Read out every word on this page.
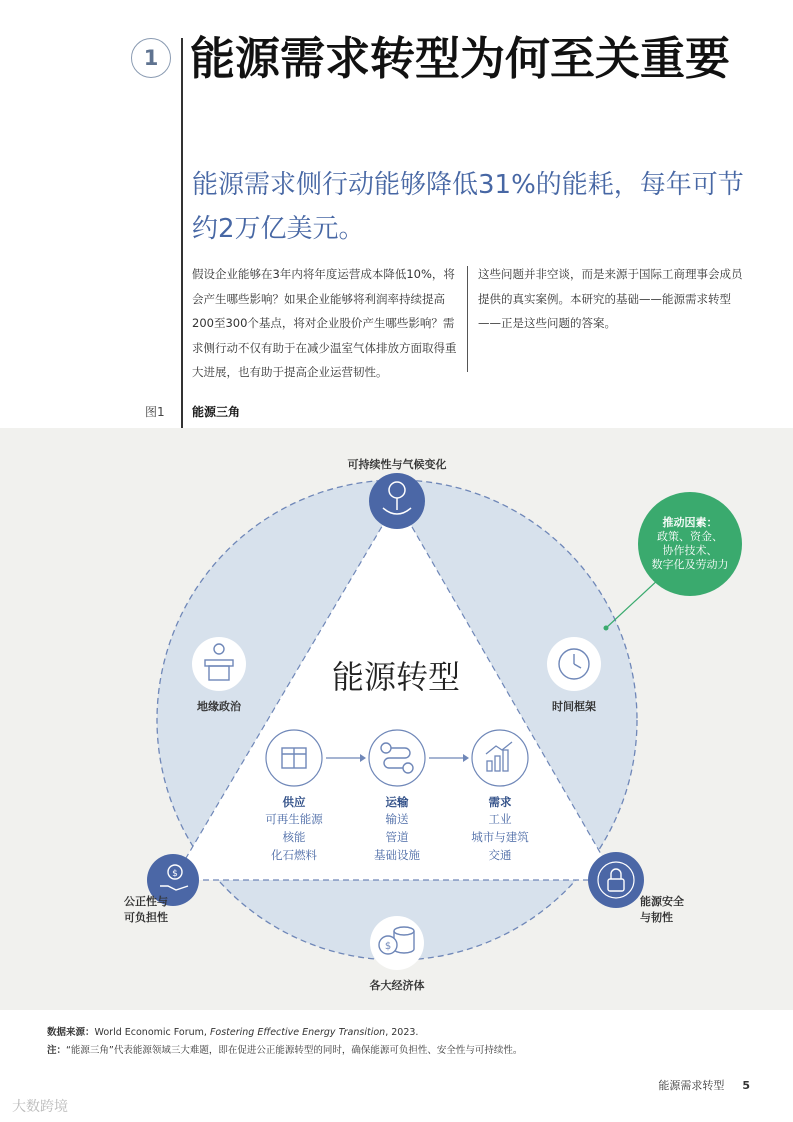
1 能源需求转型为何至关重要

能源需求侧行动能够降低31%的能耗，每年可节约2万亿美元。

假设企业能够在3年内将年度运营成本降低10%，将会产生哪些影响？如果企业能够将利润率持续提高200至300个基点，将对企业股价产生哪些影响？需求侧行动不仅有助于在减少温室气体排放方面取得重大进展，也有助于提高企业运营韧性。

这些问题并非空谈，而是来源于国际工商理事会成员提供的真实案例。本研究的基础——能源需求转型——正是这些问题的答案。

图1 能源三角
$
$
可持续性与气候变化
公正性与
可负担性
能源安全
与韧性
地缘政治	时间框架
各大经济体
能源转型
供应
可再生能源
核能
化石燃料
运输
输送
管道
基础设施
需求
工业
城市与建筑
交通
推动因素：
政策、资金、
协作技术、
数字化及劳动力
数据来源：World Economic Forum, Fostering Effective Energy Transition, 2023.
注：“能源三角”代表能源领域三大难题，即在促进公正能源转型的同时，确保能源可负担性、安全性与可持续性。
能源需求转型 5
大数跨境
